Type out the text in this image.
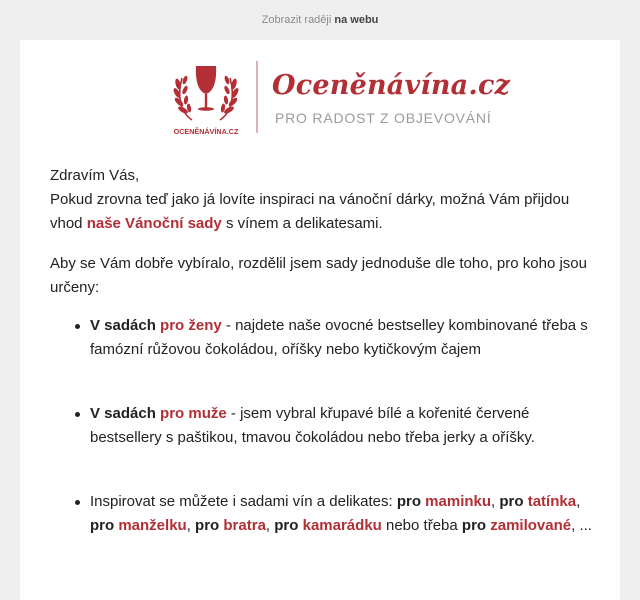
Zobrazit raději na webu
OCENĚNÁVÍNA.CZ
Oceněnávína.cz
PRO RADOST Z OBJEVOVÁNÍ

Zdravím Vás,

Pokud zrovna teď jako já lovíte inspiraci na vánoční dárky, možná Vám přijdou vhod naše Vánoční sady s vínem a delikatesami.

Aby se Vám dobře vybíralo, rozdělil jsem sady jednoduše dle toho, pro koho jsou určeny:

V sadách pro ženy - najdete naše ovocné bestselley kombinované třeba s famózní růžovou čokoládou, oříšky nebo kytičkovým čajem
V sadách pro muže - jsem vybral křupavé bílé a kořenité červené bestsellery s paštikou, tmavou čokoládou nebo třeba jerky a oříšky.
Inspirovat se můžete i sadami vín a delikates: pro maminku, pro tatínka, pro manželku, pro bratra, pro kamarádku nebo třeba pro zamilované, ...
